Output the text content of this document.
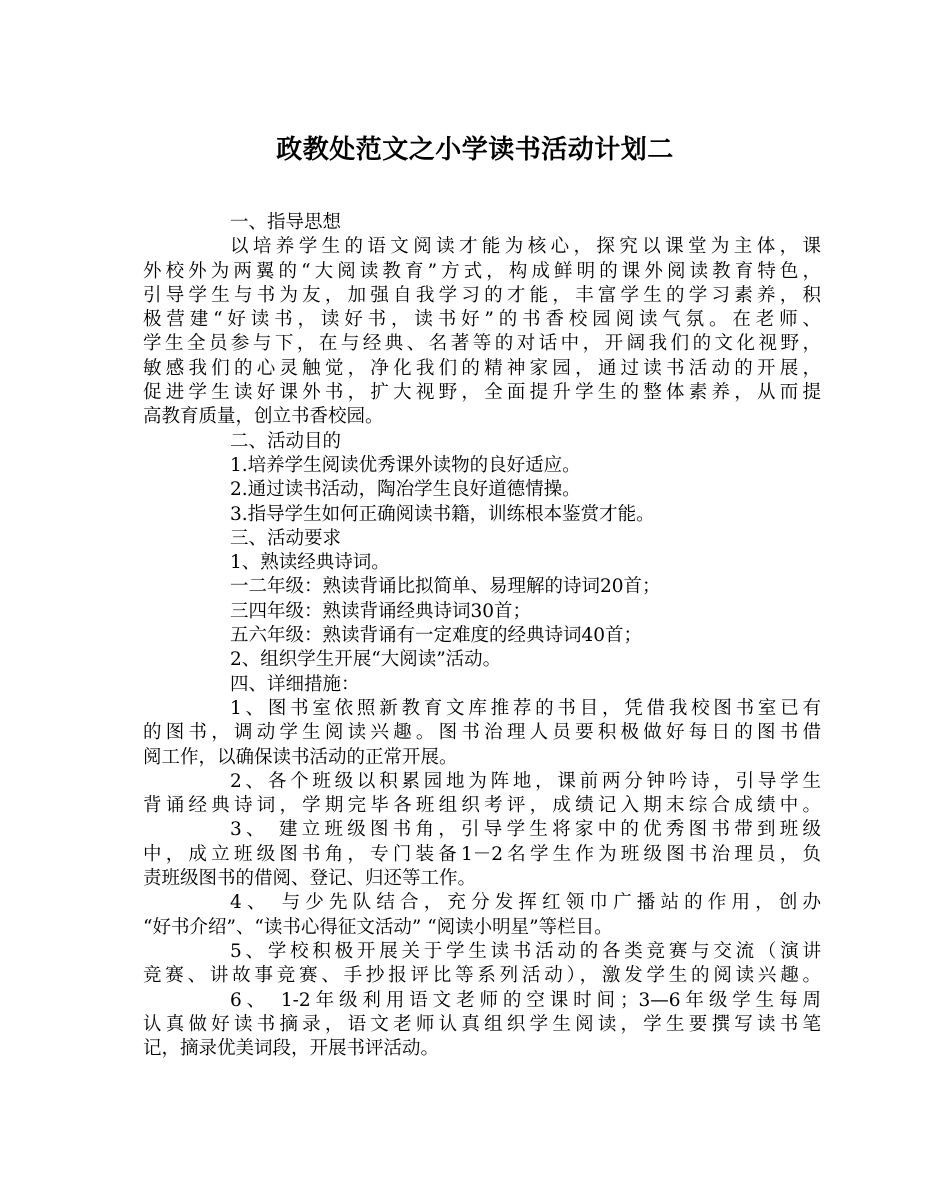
政教处范文之小学读书活动计划二
一、指导思想
以培养学生的语文阅读才能为核心，探究以课堂为主体，课
外校外为两翼的“大阅读教育”方式，构成鲜明的课外阅读教育特色，
引导学生与书为友，加强自我学习的才能，丰富学生的学习素养，积
极营建“好读书，读好书，读书好”的书香校园阅读气氛。在老师、
学生全员参与下，在与经典、名著等的对话中，开阔我们的文化视野，
敏感我们的心灵触觉，净化我们的精神家园，通过读书活动的开展，
促进学生读好课外书，扩大视野，全面提升学生的整体素养，从而提
高教育质量，创立书香校园。
二、活动目的
1.培养学生阅读优秀课外读物的良好适应。
2.通过读书活动，陶冶学生良好道德情操。
3.指导学生如何正确阅读书籍，训练根本鉴赏才能。
三、活动要求
1、熟读经典诗词。
一二年级：熟读背诵比拟简单、易理解的诗词20首；
三四年级：熟读背诵经典诗词30首；
五六年级：熟读背诵有一定难度的经典诗词40首；
2、组织学生开展“大阅读”活动。
四、详细措施：
1、图书室依照新教育文库推荐的书目，凭借我校图书室已有
的图书，调动学生阅读兴趣。图书治理人员要积极做好每日的图书借
阅工作，以确保读书活动的正常开展。
2、各个班级以积累园地为阵地，课前两分钟吟诗，引导学生
背诵经典诗词，学期完毕各班组织考评，成绩记入期末综合成绩中。
3、 建立班级图书角，引导学生将家中的优秀图书带到班级
中，成立班级图书角，专门装备1－2名学生作为班级图书治理员，负
责班级图书的借阅、登记、归还等工作。
4、 与少先队结合，充分发挥红领巾广播站的作用，创办
“好书介绍”、“读书心得征文活动” “阅读小明星”等栏目。
5、学校积极开展关于学生读书活动的各类竞赛与交流（演讲
竞赛、讲故事竞赛、手抄报评比等系列活动），激发学生的阅读兴趣。
6、 1-2年级利用语文老师的空课时间；3—6年级学生每周
认真做好读书摘录，语文老师认真组织学生阅读，学生要撰写读书笔
记，摘录优美词段，开展书评活动。
